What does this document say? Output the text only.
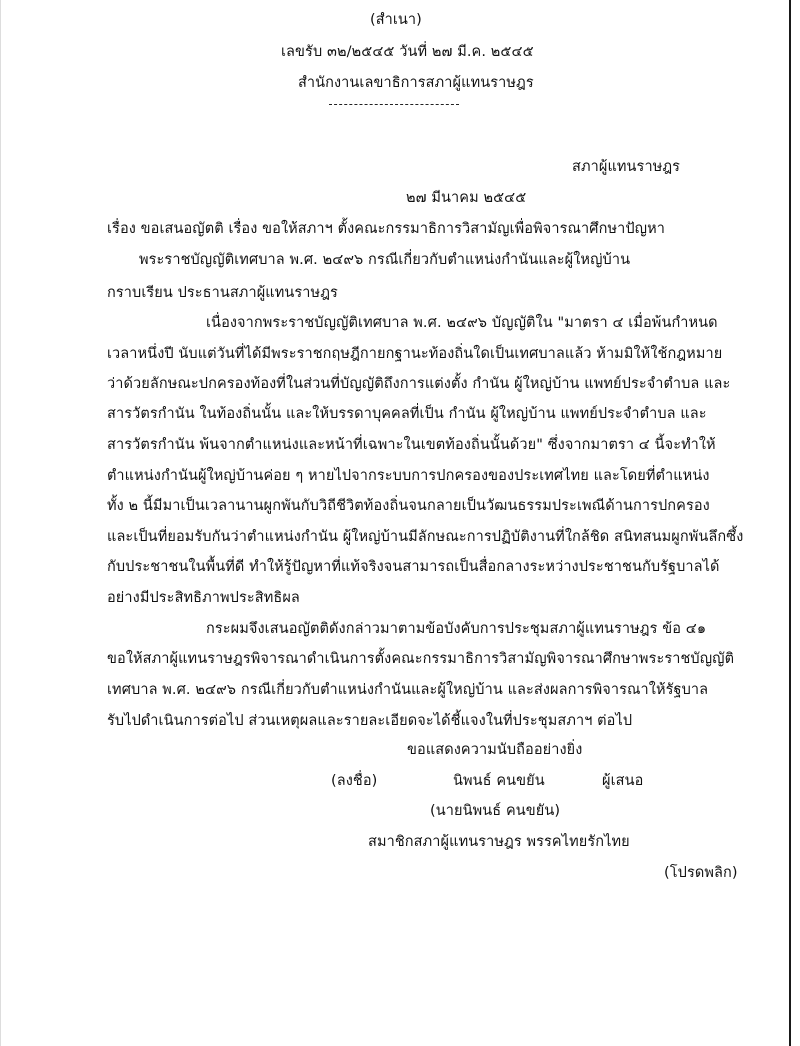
(สำเนา)
เลขรับ ๓๒/๒๕๔๕ วันที่ ๒๗ มี.ค. ๒๕๔๕
สำนักงานเลขาธิการสภาผู้แทนราษฎร
สภาผู้แทนราษฎร
๒๗ มีนาคม ๒๕๔๕
เรื่อง ขอเสนอญัตติ เรื่อง ขอให้สภาฯ ตั้งคณะกรรมาธิการวิสามัญเพื่อพิจารณาศึกษาปัญหา
พระราชบัญญัติเทศบาล พ.ศ. ๒๔๙๖ กรณีเกี่ยวกับตำแหน่งกำนันและผู้ใหญ่บ้าน
กราบเรียน ประธานสภาผู้แทนราษฎร
เนื่องจากพระราชบัญญัติเทศบาล พ.ศ. ๒๔๙๖ บัญญัติใน "มาตรา ๔ เมื่อพ้นกำหนด
เวลาหนึ่งปี นับแต่วันที่ได้มีพระราชกฤษฎีกายกฐานะท้องถิ่นใดเป็นเทศบาลแล้ว ห้ามมิให้ใช้กฎหมาย
ว่าด้วยลักษณะปกครองท้องที่ในส่วนที่บัญญัติถึงการแต่งตั้ง กำนัน ผู้ใหญ่บ้าน แพทย์ประจำตำบล และ
สารวัตรกำนัน ในท้องถิ่นนั้น และให้บรรดาบุคคลที่เป็น กำนัน ผู้ใหญ่บ้าน แพทย์ประจำตำบล และ
สารวัตรกำนัน พ้นจากตำแหน่งและหน้าที่เฉพาะในเขตท้องถิ่นนั้นด้วย" ซึ่งจากมาตรา ๔ นี้จะทำให้
ตำแหน่งกำนันผู้ใหญ่บ้านค่อย ๆ หายไปจากระบบการปกครองของประเทศไทย และโดยที่ตำแหน่ง
ทั้ง ๒ นี้มีมาเป็นเวลานานผูกพันกับวิถีชีวิตท้องถิ่นจนกลายเป็นวัฒนธรรมประเพณีด้านการปกครอง
และเป็นที่ยอมรับกันว่าตำแหน่งกำนัน ผู้ใหญ่บ้านมีลักษณะการปฏิบัติงานที่ใกล้ชิด สนิทสนมผูกพันลึกซึ้ง
กับประชาชนในพื้นที่ดี ทำให้รู้ปัญหาที่แท้จริงจนสามารถเป็นสื่อกลางระหว่างประชาชนกับรัฐบาลได้
อย่างมีประสิทธิภาพประสิทธิผล
กระผมจึงเสนอญัตติดังกล่าวมาตามข้อบังคับการประชุมสภาผู้แทนราษฎร ข้อ ๔๑
ขอให้สภาผู้แทนราษฎรพิจารณาดำเนินการตั้งคณะกรรมาธิการวิสามัญพิจารณาศึกษาพระราชบัญญัติ
เทศบาล พ.ศ. ๒๔๙๖ กรณีเกี่ยวกับตำแหน่งกำนันและผู้ใหญ่บ้าน และส่งผลการพิจารณาให้รัฐบาล
รับไปดำเนินการต่อไป ส่วนเหตุผลและรายละเอียดจะได้ชี้แจงในที่ประชุมสภาฯ ต่อไป
ขอแสดงความนับถืออย่างยิ่ง
(ลงชื่อ)	นิพนธ์ คนขยัน	ผู้เสนอ
(นายนิพนธ์ คนขยัน)
สมาชิกสภาผู้แทนราษฎร พรรคไทยรักไทย
(โปรดพลิก)
